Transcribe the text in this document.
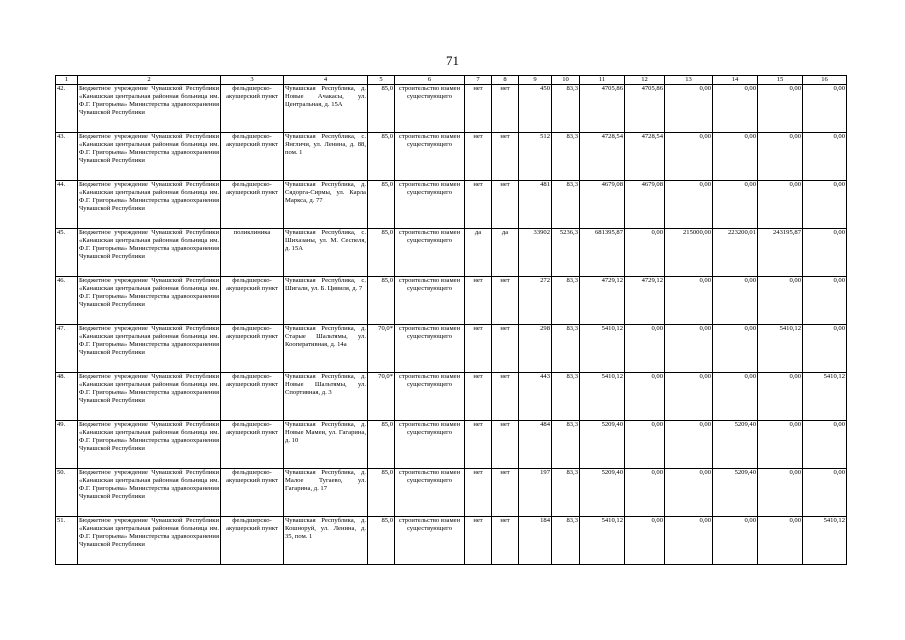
71
1	2	3	4	5	6	7	8	9	10	11	12	13	14	15	16
42.	Бюджетное учреждение Чувашской Республики «Канашская центральная районная больница им. Ф.Г. Григорьева» Министерства здравоохранения Чувашской Республики	фельдшерско-акушерский пункт	Чувашская Республика, д. Новые Ачакасы, ул. Центральная, д. 15А	85,0	строительство взамен существующего	нет	нет	450	83,3	4705,86	4705,86	0,00	0,00	0,00	0,00
43.	Бюджетное учреждение Чувашской Республики «Канашская центральная районная больница им. Ф.Г. Григорьева» Министерства здравоохранения Чувашской Республики	фельдшерско-акушерский пункт	Чувашская Республика, с. Янгличи, ул. Ленина, д. 88, пом. 1	85,0	строительство взамен существующего	нет	нет	512	83,3	4728,54	4728,54	0,00	0,00	0,00	0,00
44.	Бюджетное учреждение Чувашской Республики «Канашская центральная районная больница им. Ф.Г. Григорьева» Министерства здравоохранения Чувашской Республики	фельдшерско-акушерский пункт	Чувашская Республика, д. Сядорга-Сирмы, ул. Карла Маркса, д. 77	85,0	строительство взамен существующего	нет	нет	481	83,3	4679,08	4679,08	0,00	0,00	0,00	0,00
45.	Бюджетное учреждение Чувашской Республики «Канашская центральная районная больница им. Ф.Г. Григорьева» Министерства здравоохранения Чувашской Республики	поликлиника	Чувашская Республика, с. Шихазаны, ул. М. Сеспеля, д. 15А	85,0	строительство взамен существующего	да	да	33902	5236,3	681395,87	0,00	215000,00	223200,01	243195,87	0,00
46.	Бюджетное учреждение Чувашской Республики «Канашская центральная районная больница им. Ф.Г. Григорьева» Министерства здравоохранения Чувашской Республики	фельдшерско-акушерский пункт	Чувашская Республика, с. Шигали, ул. Б. Цивиля, д. 7	85,0	строительство взамен существующего	нет	нет	272	83,3	4729,12	4729,12	0,00	0,00	0,00	0,00
47.	Бюджетное учреждение Чувашской Республики «Канашская центральная районная больница им. Ф.Г. Григорьева» Министерства здравоохранения Чувашской Республики	фельдшерско-акушерский пункт	Чувашская Республика, д. Старые Шальтямы, ул. Кооперативная, д. 14а	70,0*	строительство взамен существующего	нет	нет	298	83,3	5410,12	0,00	0,00	0,00	5410,12	0,00
48.	Бюджетное учреждение Чувашской Республики «Канашская центральная районная больница им. Ф.Г. Григорьева» Министерства здравоохранения Чувашской Республики	фельдшерско-акушерский пункт	Чувашская Республика, д. Новые Шальтямы, ул. Спортивная, д. 3	70,0*	строительство взамен существующего	нет	нет	443	83,3	5410,12	0,00	0,00	0,00	0,00	5410,12
49.	Бюджетное учреждение Чувашской Республики «Канашская центральная районная больница им. Ф.Г. Григорьева» Министерства здравоохранения Чувашской Республики	фельдшерско-акушерский пункт	Чувашская Республика, д. Новые Мамеи, ул. Гагарина, д. 10	85,0	строительство взамен существующего	нет	нет	484	83,3	5209,40	0,00	0,00	5209,40	0,00	0,00
50.	Бюджетное учреждение Чувашской Республики «Канашская центральная районная больница им. Ф.Г. Григорьева» Министерства здравоохранения Чувашской Республики	фельдшерско-акушерский пункт	Чувашская Республика, д. Малое Тугаево, ул. Гагарина, д. 17	85,0	строительство взамен существующего	нет	нет	197	83,3	5209,40	0,00	0,00	5209,40	0,00	0,00
51.	Бюджетное учреждение Чувашской Республики «Канашская центральная районная больница им. Ф.Г. Григорьева» Министерства здравоохранения Чувашской Республики	фельдшерско-акушерский пункт	Чувашская Республика, д. Кошноруй, ул. Ленина, д. 35, пом. 1	85,0	строительство взамен существующего	нет	нет	184	83,3	5410,12	0,00	0,00	0,00	0,00	5410,12
